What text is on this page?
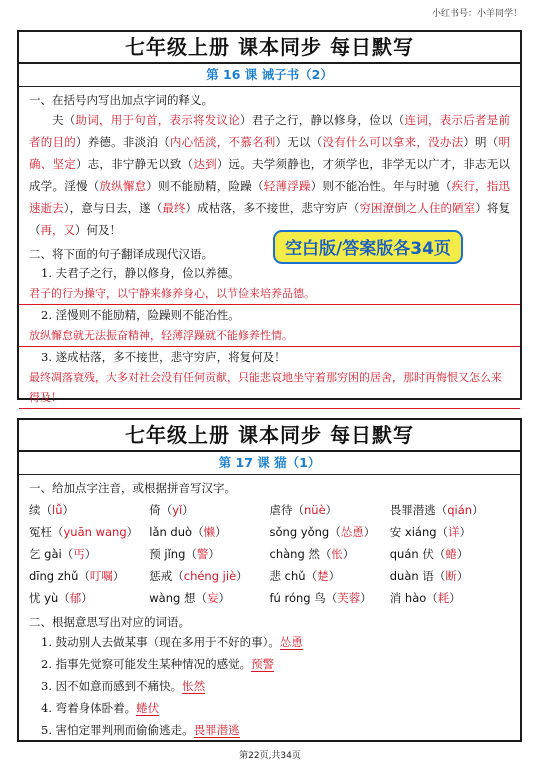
小红书号：小羊同学！
七年级上册 课本同步 每日默写
第 16 课 诫子书（2）
一、在括号内写出加点字词的释义。
夫（助词，用于句首，表示将发议论）君子之行，静以修身，俭以（连词，表示后者是前者的目的）养德。非淡泊（内心恬淡，不慕名利）无以（没有什么可以拿来，没办法）明（明确、坚定）志，非宁静无以致（达到）远。夫学须静也，才须学也，非学无以广才，非志无以成学。淫慢（放纵懈怠）则不能励精，险躁（轻薄浮躁）则不能冶性。年与时驰（疾行，指迅速逝去），意与日去，遂（最终）成枯落，多不接世，悲守穷庐（穷困潦倒之人住的陋室）将复（再，又）何及！
二、将下面的句子翻译成现代汉语。
1. 夫君子之行，静以修身，俭以养德。
君子的行为操守，以宁静来修养身心，以节俭来培养品德。
2. 淫慢则不能励精，险躁则不能冶性。
放纵懈怠就无法振奋精神，轻薄浮躁就不能修养性情。
3. 遂成枯落，多不接世，悲守穷庐，将复何及！
最终凋落衰残，大多对社会没有任何贡献，只能悲哀地坐守着那穷困的居舍，那时再悔恨又怎么来得及！
空白版/答案版各34页
七年级上册 课本同步 每日默写
第 17 课 猫（1）
一、给加点字注音，或根据拼音写汉字。
续（lǚ）	倚（yǐ）	虐待（nüè）	畏罪潜逃（qián）
冤枉（yuān wang） lǎn duò（懒）	sǒng yǒng（怂恿）	安 xiáng（详）
乞 gài（丐）	预 jǐng（警）	chàng 然（怅）	quán 伏（蜷）
dīng zhǔ（叮嘱）	惩戒（chéng jiè）	悲 chǔ（楚）	duàn 语（断）
忧 yù（郁）	wàng 想（妄）	fú róng 鸟（芙蓉）	消 hào（耗）
二、根据意思写出对应的词语。
1. 鼓动别人去做某事（现在多用于不好的事）。怂恿
2. 指事先觉察可能发生某种情况的感觉。预警
3. 因不如意而感到不痛快。怅然
4. 弯着身体卧着。蜷伏
5. 害怕定罪判刑而偷偷逃走。畏罪潜逃
第22页,共34页
